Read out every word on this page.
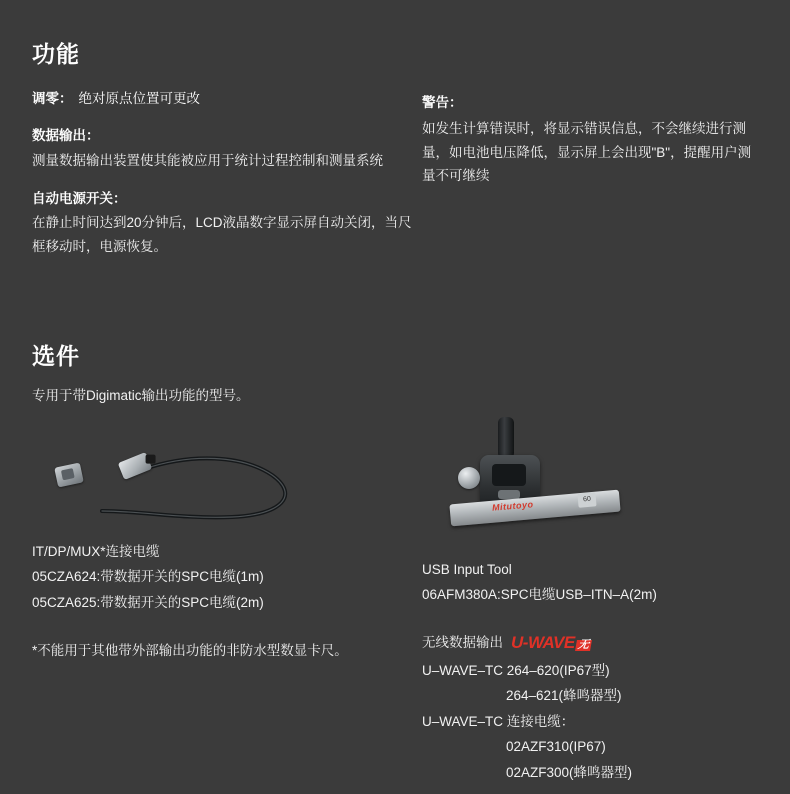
功能
调零： 绝对原点位置可更改
数据输出：
测量数据输出装置使其能被应用于统计过程控制和测量系统
自动电源开关：
在静止时间达到20分钟后，LCD液晶数字显示屏自动关闭，当尺框移动时，电源恢复。
警告：
如发生计算错误时，将显示错误信息，不会继续进行测量，如电池电压降低，显示屏上会出现"B"，提醒用户测量不可继续
选件
专用于带Digimatic输出功能的型号。
IT/DP/MUX*连接电缆
05CZA624:带数据开关的SPC电缆(1m)
05CZA625:带数据开关的SPC电缆(2m)
*不能用于其他带外部输出功能的非防水型数显卡尺。
Mitutoyo	60
USB Input Tool
06AFM380A:SPC电缆USB–ITN–A(2m)
无线数据输出 U-WAVE 无
U–WAVE–TC 264–620(IP67型)
264–621(蜂鸣器型)
U–WAVE–TC 连接电缆：
02AZF310(IP67)
02AZF300(蜂鸣器型)
